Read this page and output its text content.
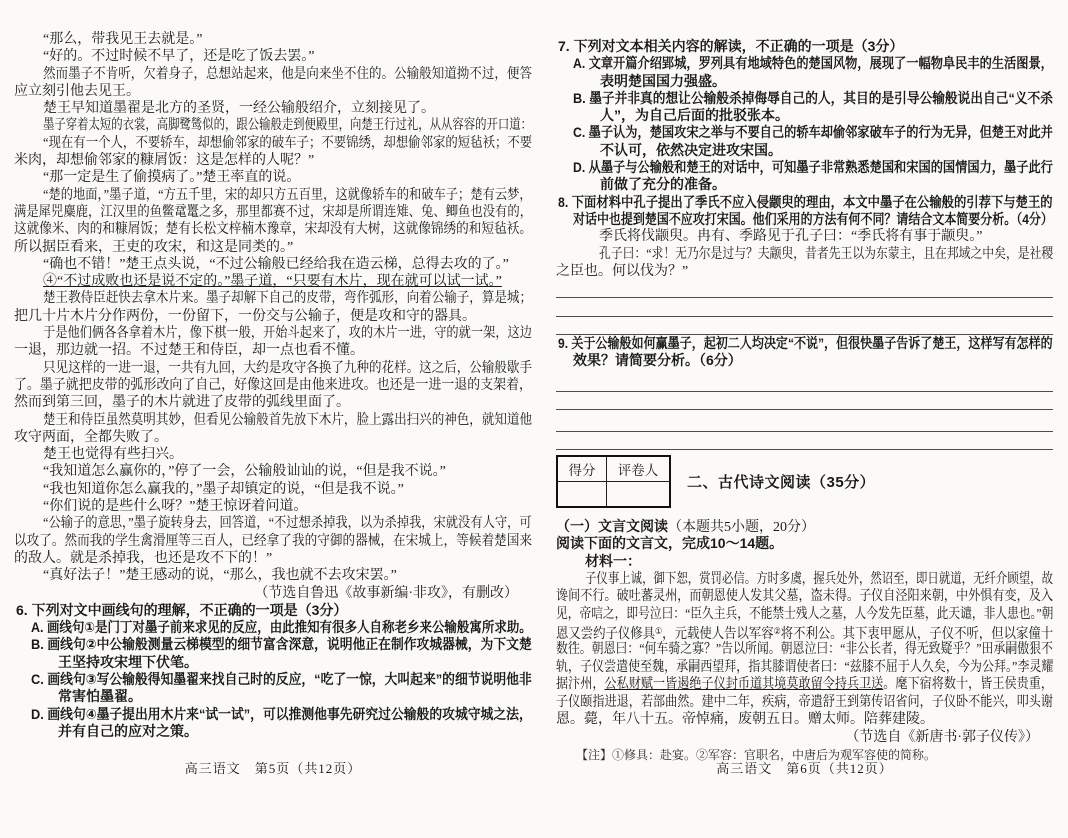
“那么，带我见王去就是。”
“好的。不过时候不早了，还是吃了饭去罢。”
然而墨子不肯听，欠着身子，总想站起来，他是向来坐不住的。公输般知道拗不过，便答
应立刻引他去见王。
楚王早知道墨翟是北方的圣贤，一经公输般绍介，立刻接见了。
墨子穿着太短的衣裳，高脚鹭鸶似的，跟公输般走到便殿里，向楚王行过礼，从从容容的开口道：
“现在有一个人，不要轿车，却想偷邻家的破车子；不要锦绣，却想偷邻家的短毡袄；不要
米肉，却想偷邻家的糠屑饭：这是怎样的人呢？”
“那一定是生了偷摸病了。”楚王率直的说。
“楚的地面，”墨子道，“方五千里，宋的却只方五百里，这就像轿车的和破车子；楚有云梦，
满是犀兕麋鹿，江汉里的鱼鳖鼋鼍之多，那里都赛不过，宋却是所谓连雉、兔、鲫鱼也没有的，
这就像米、肉的和糠屑饭；楚有长松文梓楠木豫章，宋却没有大树，这就像锦绣的和短毡袄。
所以据臣看来，王吏的攻宋，和这是同类的。”
“确也不错！”楚王点头说，“不过公输般已经给我在造云梯，总得去攻的了。”
④“不过成败也还是说不定的。”墨子道，“只要有木片，现在就可以试一试。”
楚王教侍臣赶快去拿木片来。墨子却解下自己的皮带，弯作弧形，向着公输子，算是城；
把几十片木片分作两份，一份留下，一份交与公输子，便是攻和守的器具。
于是他们俩各各拿着木片，像下棋一般，开始斗起来了，攻的木片一进，守的就一架，这边
一退，那边就一招。不过楚王和侍臣，却一点也看不懂。
只见这样的一进一退，一共有九回，大约是攻守各换了九种的花样。这之后，公输般歇手
了。墨子就把皮带的弧形改向了自己，好像这回是由他来进攻。也还是一进一退的支架着，
然而到第三回，墨子的木片就进了皮带的弧线里面了。
楚王和侍臣虽然莫明其妙，但看见公输般首先放下木片，脸上露出扫兴的神色，就知道他
攻守两面，全都失败了。
楚王也觉得有些扫兴。
“我知道怎么赢你的，”停了一会，公输般讪讪的说，“但是我不说。”
“我也知道你怎么赢我的，”墨子却镇定的说，“但是我不说。”
“你们说的是些什么呀？”楚王惊讶着问道。
“公输子的意思，”墨子旋转身去，回答道，“不过想杀掉我，以为杀掉我，宋就没有人守，可
以攻了。然而我的学生禽滑厘等三百人，已经拿了我的守御的器械，在宋城上，等候着楚国来
的敌人。就是杀掉我，也还是攻不下的！”
“真好法子！”楚王感动的说，“那么，我也就不去攻宋罢。”
（节选自鲁迅《故事新编·非攻》，有删改）
6. 下列对文中画线句的理解，不正确的一项是（3分）
A. 画线句①是门丁对墨子前来求见的反应，由此推知有很多人自称老乡来公输般寓所求助。
B. 画线句②中公输般测量云梯模型的细节富含深意，说明他正在制作攻城器械，为下文楚
王坚持攻宋埋下伏笔。
C. 画线句③写公输般得知墨翟来找自己时的反应，“吃了一惊，大叫起来”的细节说明他非
常害怕墨翟。
D. 画线句④墨子提出用木片来“试一试”，可以推测他事先研究过公输般的攻城守城之法，
并有自己的应对之策。
高三语文　第5页（共12页）
7. 下列对文本相关内容的解读，不正确的一项是（3分）
A. 文章开篇介绍郢城，罗列具有地域特色的楚国风物，展现了一幅物阜民丰的生活图景，
表明楚国国力强盛。
B. 墨子并非真的想让公输般杀掉侮辱自己的人，其目的是引导公输般说出自己“义不杀
人”，为自己后面的批驳张本。
C. 墨子认为，楚国攻宋之举与不要自己的轿车却偷邻家破车子的行为无异，但楚王对此并
不认可，依然决定进攻宋国。
D. 从墨子与公输般和楚王的对话中，可知墨子非常熟悉楚国和宋国的国情国力，墨子此行
前做了充分的准备。
8. 下面材料中孔子提出了季氏不应入侵颛臾的理由，本文中墨子在公输般的引荐下与楚王的
对话中也提到楚国不应攻打宋国。他们采用的方法有何不同？请结合文本简要分析。（4分）
季氏将伐颛臾。冉有、季路见于孔子曰：“季氏将有事于颛臾。”
孔子曰：“求！无乃尔是过与？夫颛臾，昔者先王以为东蒙主，且在邦域之中矣，是社稷
之臣也。何以伐为？”
9. 关于公输般如何赢墨子，起初二人均决定“不说”，但很快墨子告诉了楚王，这样写有怎样的
效果？请简要分析。（6分）
得分	评卷人

二、古代诗文阅读（35分）
（一）文言文阅读（本题共5小题，20分）
阅读下面的文言文，完成10～14题。
材料一：
子仪事上诚，御下恕，赏罚必信。方时多虞，握兵处外，然诏至，即日就道，无纤介顾望，故
谗间不行。破吐蕃灵州，而朝恩使人发其父墓，盗未得。子仪自泾阳来朝，中外惧有变，及入
见，帝唁之，即号泣曰：“臣久主兵，不能禁士残人之墓，人今发先臣墓，此天谴，非人患也。”朝
恩又尝约子仪修具①，元载使人告以军容②将不利公。其下衷甲愿从，子仪不听，但以家僮十
数往。朝恩曰：“何车骑之寡？”告以所闻。朝恩泣曰：“非公长者，得无致疑乎？”田承嗣傲狠不
轨，子仪尝遣使至魏，承嗣西望拜，指其膝谓使者曰：“兹膝不屈于人久矣，今为公拜。”李灵耀
据汴州，公私财赋一皆遏绝子仪封币道其境莫敢留令持兵卫送。麾下宿将数十，皆王侯贵重，
子仪颐指进退，若部曲然。建中二年，疾病，帝遣舒王到第传诏省问，子仪卧不能兴，叩头谢
恩。薨，年八十五。帝悼痛，废朝五日。赠太师。陪葬建陵。
（节选自《新唐书·郭子仪传》）
【注】①修具：赴宴。②军容：官职名，中唐后为观军容使的简称。
高三语文　第6页（共12页）
